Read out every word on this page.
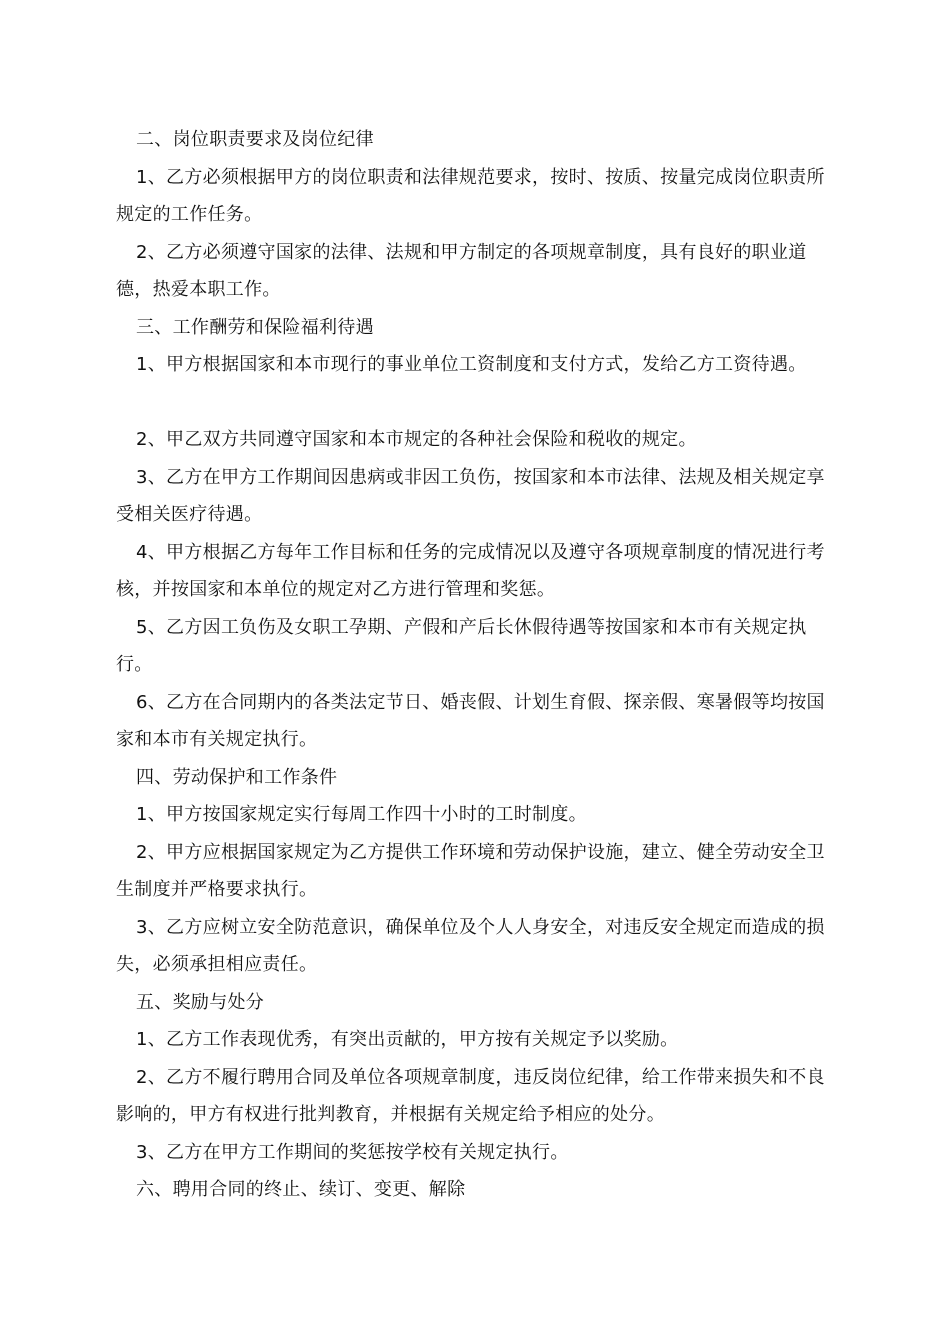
二、岗位职责要求及岗位纪律

1、乙方必须根据甲方的岗位职责和法律规范要求，按时、按质、按量完成岗位职责所规定的工作任务。

2、乙方必须遵守国家的法律、法规和甲方制定的各项规章制度，具有良好的职业道德，热爱本职工作。

三、工作酬劳和保险福利待遇

1、甲方根据国家和本市现行的事业单位工资制度和支付方式，发给乙方工资待遇。

2、甲乙双方共同遵守国家和本市规定的各种社会保险和税收的规定。

3、乙方在甲方工作期间因患病或非因工负伤，按国家和本市法律、法规及相关规定享受相关医疗待遇。

4、甲方根据乙方每年工作目标和任务的完成情况以及遵守各项规章制度的情况进行考核，并按国家和本单位的规定对乙方进行管理和奖惩。

5、乙方因工负伤及女职工孕期、产假和产后长休假待遇等按国家和本市有关规定执行。

6、乙方在合同期内的各类法定节日、婚丧假、计划生育假、探亲假、寒暑假等均按国家和本市有关规定执行。

四、劳动保护和工作条件

1、甲方按国家规定实行每周工作四十小时的工时制度。

2、甲方应根据国家规定为乙方提供工作环境和劳动保护设施，建立、健全劳动安全卫生制度并严格要求执行。

3、乙方应树立安全防范意识，确保单位及个人人身安全，对违反安全规定而造成的损失，必须承担相应责任。

五、奖励与处分

1、乙方工作表现优秀，有突出贡献的，甲方按有关规定予以奖励。

2、乙方不履行聘用合同及单位各项规章制度，违反岗位纪律，给工作带来损失和不良影响的，甲方有权进行批判教育，并根据有关规定给予相应的处分。

3、乙方在甲方工作期间的奖惩按学校有关规定执行。

六、聘用合同的终止、续订、变更、解除
